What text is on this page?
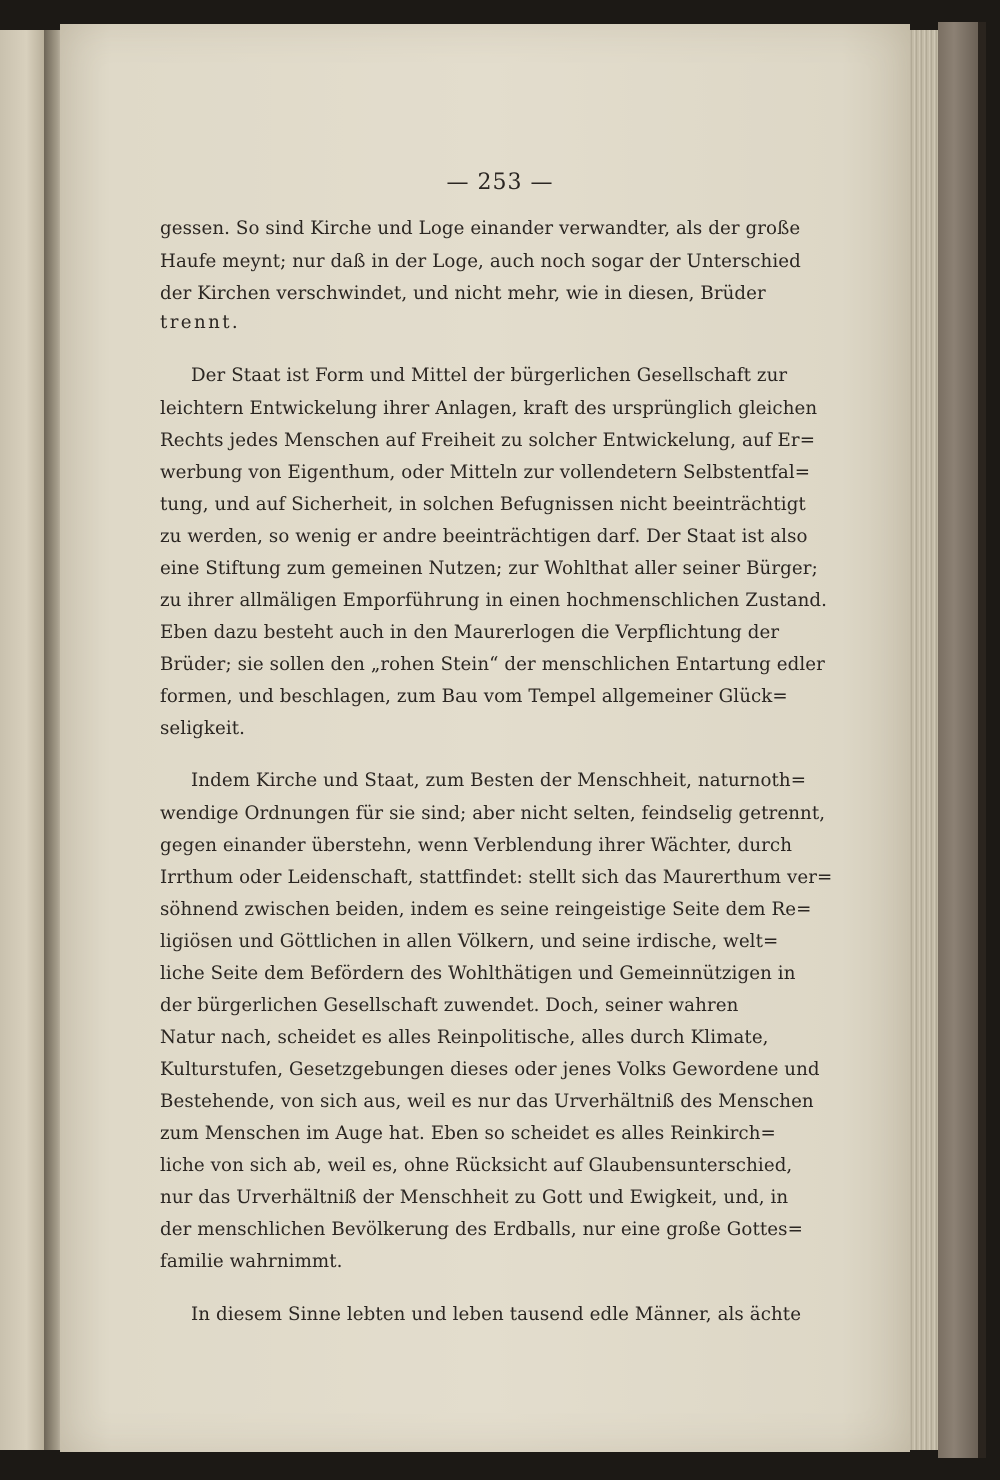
— 253 —
gessen. So sind Kirche und Loge einander verwandter, als der große
Haufe meynt; nur daß in der Loge, auch noch sogar der Unterschied
der Kirchen verschwindet, und nicht mehr, wie in diesen, Brüder
trennt.
Der Staat ist Form und Mittel der bürgerlichen Gesellschaft zur
leichtern Entwickelung ihrer Anlagen, kraft des ursprünglich gleichen
Rechts jedes Menschen auf Freiheit zu solcher Entwickelung, auf Er=
werbung von Eigenthum, oder Mitteln zur vollendetern Selbstentfal=
tung, und auf Sicherheit, in solchen Befugnissen nicht beeinträchtigt
zu werden, so wenig er andre beeinträchtigen darf. Der Staat ist also
eine Stiftung zum gemeinen Nutzen; zur Wohlthat aller seiner Bürger;
zu ihrer allmäligen Emporführung in einen hochmenschlichen Zustand.
Eben dazu besteht auch in den Maurerlogen die Verpflichtung der
Brüder; sie sollen den „rohen Stein“ der menschlichen Entartung edler
formen, und beschlagen, zum Bau vom Tempel allgemeiner Glück=
seligkeit.
Indem Kirche und Staat, zum Besten der Menschheit, naturnoth=
wendige Ordnungen für sie sind; aber nicht selten, feindselig getrennt,
gegen einander überstehn, wenn Verblendung ihrer Wächter, durch
Irrthum oder Leidenschaft, stattfindet: stellt sich das Maurerthum ver=
söhnend zwischen beiden, indem es seine reingeistige Seite dem Re=
ligiösen und Göttlichen in allen Völkern, und seine irdische, welt=
liche Seite dem Befördern des Wohlthätigen und Gemeinnützigen in
der bürgerlichen Gesellschaft zuwendet. Doch, seiner wahren
Natur nach, scheidet es alles Reinpolitische, alles durch Klimate,
Kulturstufen, Gesetzgebungen dieses oder jenes Volks Gewordene und
Bestehende, von sich aus, weil es nur das Urverhältniß des Menschen
zum Menschen im Auge hat. Eben so scheidet es alles Reinkirch=
liche von sich ab, weil es, ohne Rücksicht auf Glaubensunterschied,
nur das Urverhältniß der Menschheit zu Gott und Ewigkeit, und, in
der menschlichen Bevölkerung des Erdballs, nur eine große Gottes=
familie wahrnimmt.
In diesem Sinne lebten und leben tausend edle Männer, als ächte
